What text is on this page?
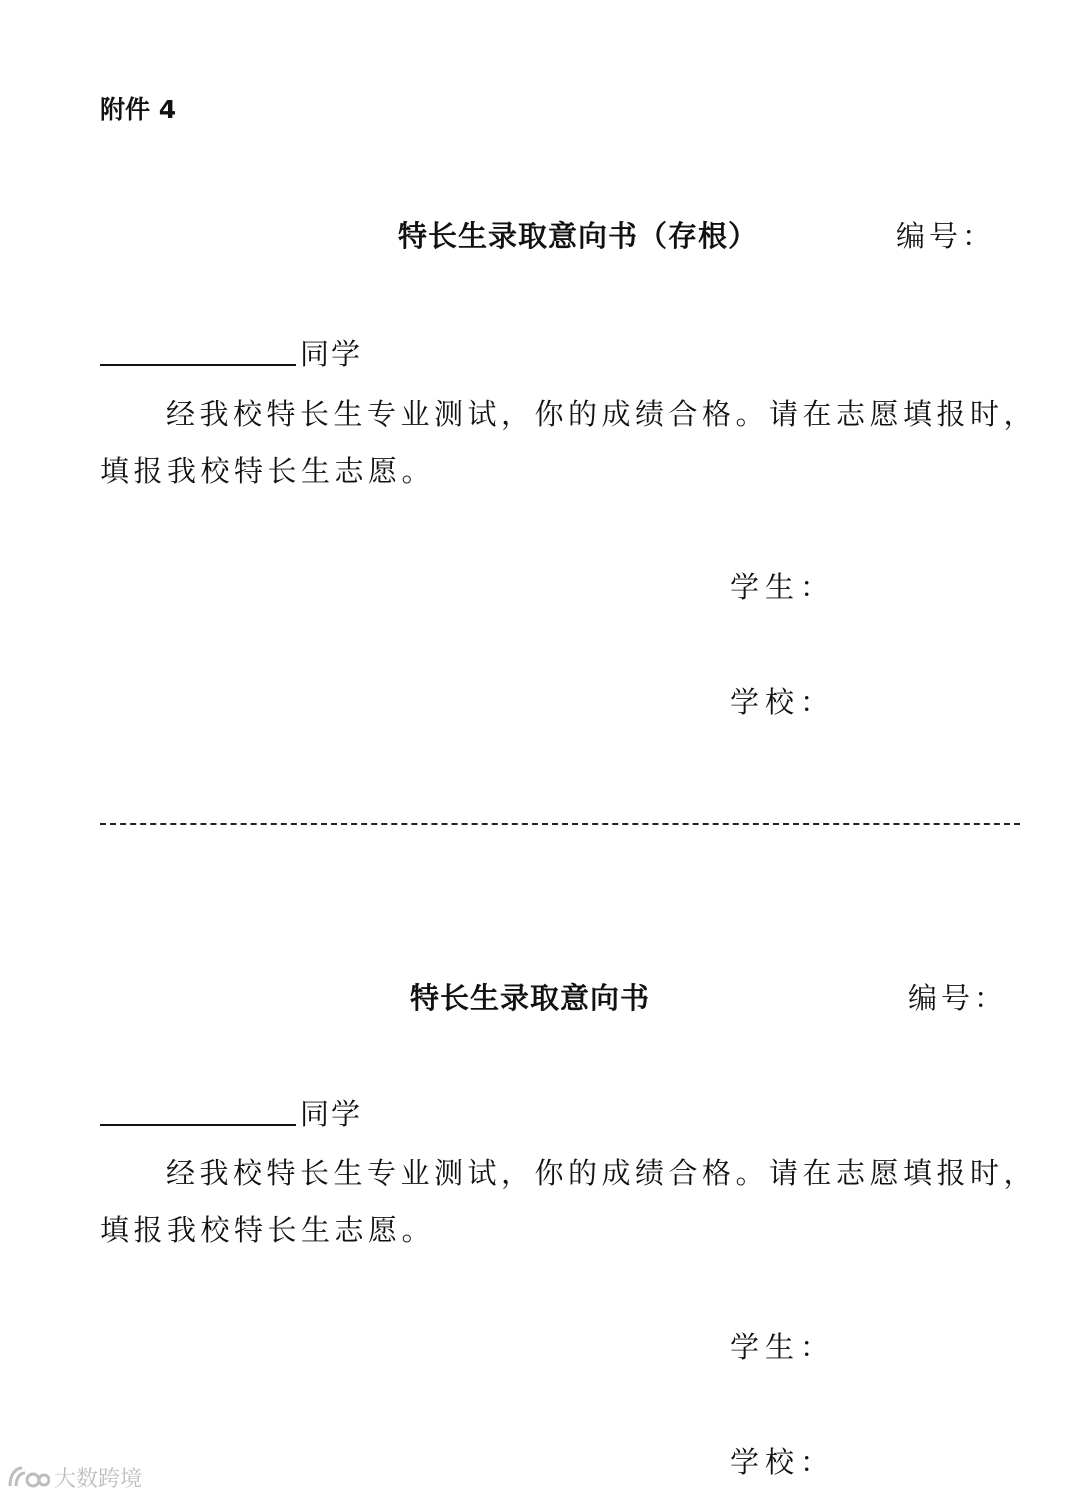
附件 4
特长生录取意向书（存根）	编号：
同学
经我校特长生专业测试，你的成绩合格。请在志愿填报时，
填报我校特长生志愿。
学生：
学校：
特长生录取意向书	编号：
同学
经我校特长生专业测试，你的成绩合格。请在志愿填报时，
填报我校特长生志愿。
学生：
学校：
大数跨境
